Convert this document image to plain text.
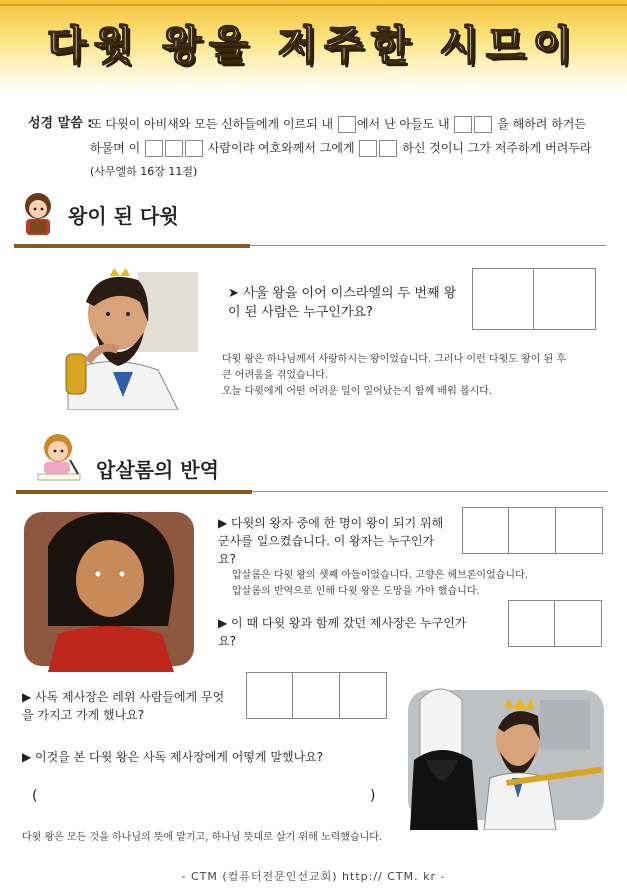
다윗 왕을 저주한 시므이
성경 말씀 :
또 다윗이 아비새와 모든 신하들에게 이르되 내 에서 난 아들도 내	을 해하려 하거든
하물며 이	사람이랴 여호와께서 그에게	하신 것이니 그가 저주하게 버려두라
(사무엘하 16장 11절)
왕이 된 다윗
➤ 사울 왕을 이어 이스라엘의 두 번째 왕이 된 사람은 누구인가요?
다윗 왕은 하나님께서 사랑하시는 왕이었습니다. 그러나 이런 다윗도 왕이 된 후
큰 어려움을 겪었습니다.
오늘 다윗에게 어떤 어려운 일이 일어났는지 함께 배워 봅시다.
압살롬의 반역
▶ 다윗의 왕자 중에 한 명이 왕이 되기 위해 군사를 일으켰습니다. 이 왕자는 누구인가요?
압살롬은 다윗 왕의 셋째 아들이었습니다. 고향은 헤브론이었습니다.
압살롬의 반역으로 인해 다윗 왕은 도망을 가야 했습니다.
▶ 이 때 다윗 왕과 함께 갔던 제사장은 누구인가요?
▶ 사독 제사장은 레위 사람들에게 무엇을 가지고 가게 했나요?
▶ 이것을 본 다윗 왕은 사독 제사장에게 어떻게 말했나요?
(	)
다윗 왕은 모든 것을 하나님의 뜻에 맡기고, 하나님 뜻대로 살기 위해 노력했습니다.
- CTM (컴퓨터전문인선교회) http:// CTM. kr -
